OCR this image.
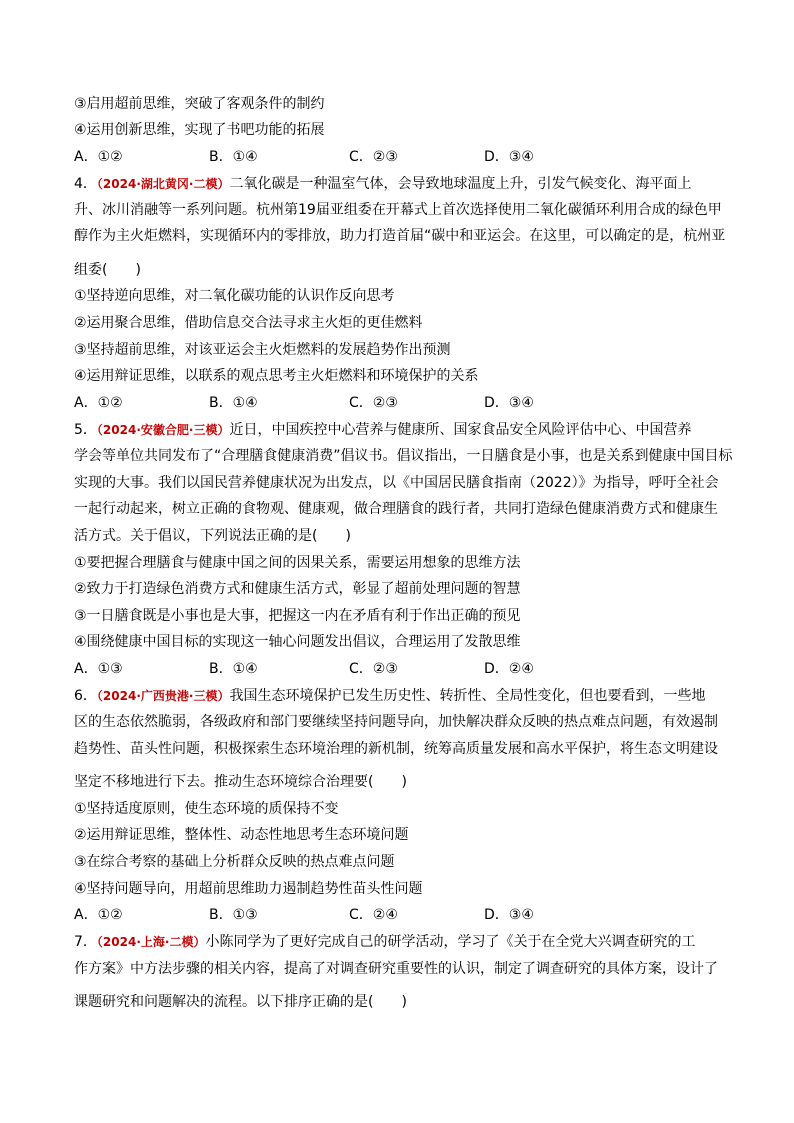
③启用超前思维，突破了客观条件的制约
④运用创新思维，实现了书吧功能的拓展
A．①②	B．①④	C．②③	D．③④
4．（2024·湖北黄冈·二模）二氧化碳是一种温室气体，会导致地球温度上升，引发气候变化、海平面上
升、冰川消融等一系列问题。杭州第19届亚组委在开幕式上首次选择使用二氧化碳循环利用合成的绿色甲
醇作为主火炬燃料，实现循环内的零排放，助力打造首届“碳中和亚运会。在这里，可以确定的是，杭州亚
组委(　　)
①坚持逆向思维，对二氧化碳功能的认识作反向思考
②运用聚合思维，借助信息交合法寻求主火炬的更佳燃料
③坚持超前思维，对该亚运会主火炬燃料的发展趋势作出预测
④运用辩证思维，以联系的观点思考主火炬燃料和环境保护的关系
A．①②	B．①④	C．②③	D．③④
5．（2024·安徽合肥·三模）近日，中国疾控中心营养与健康所、国家食品安全风险评估中心、中国营养
学会等单位共同发布了“合理膳食健康消费”倡议书。倡议指出，一日膳食是小事，也是关系到健康中国目标
实现的大事。我们以国民营养健康状况为出发点，以《中国居民膳食指南（2022）》为指导，呼吁全社会
一起行动起来，树立正确的食物观、健康观，做合理膳食的践行者，共同打造绿色健康消费方式和健康生
活方式。关于倡议，下列说法正确的是(　　)
①要把握合理膳食与健康中国之间的因果关系，需要运用想象的思维方法
②致力于打造绿色消费方式和健康生活方式，彰显了超前处理问题的智慧
③一日膳食既是小事也是大事，把握这一内在矛盾有利于作出正确的预见
④围绕健康中国目标的实现这一轴心问题发出倡议，合理运用了发散思维
A．①③	B．①④	C．②③	D．②④
6．（2024·广西贵港·三模）我国生态环境保护已发生历史性、转折性、全局性变化，但也要看到，一些地
区的生态依然脆弱，各级政府和部门要继续坚持问题导向，加快解决群众反映的热点难点问题，有效遏制
趋势性、苗头性问题，积极探索生态环境治理的新机制，统筹高质量发展和高水平保护，将生态文明建设
坚定不移地进行下去。推动生态环境综合治理要(　　)
①坚持适度原则，使生态环境的质保持不变
②运用辩证思维，整体性、动态性地思考生态环境问题
③在综合考察的基础上分析群众反映的热点难点问题
④坚持问题导向，用超前思维助力遏制趋势性苗头性问题
A．①②	B．①③	C．②④	D．③④
7．（2024·上海·二模）小陈同学为了更好完成自己的研学活动，学习了《关于在全党大兴调查研究的工
作方案》中方法步骤的相关内容，提高了对调查研究重要性的认识，制定了调查研究的具体方案，设计了
课题研究和问题解决的流程。以下排序正确的是(　　)
